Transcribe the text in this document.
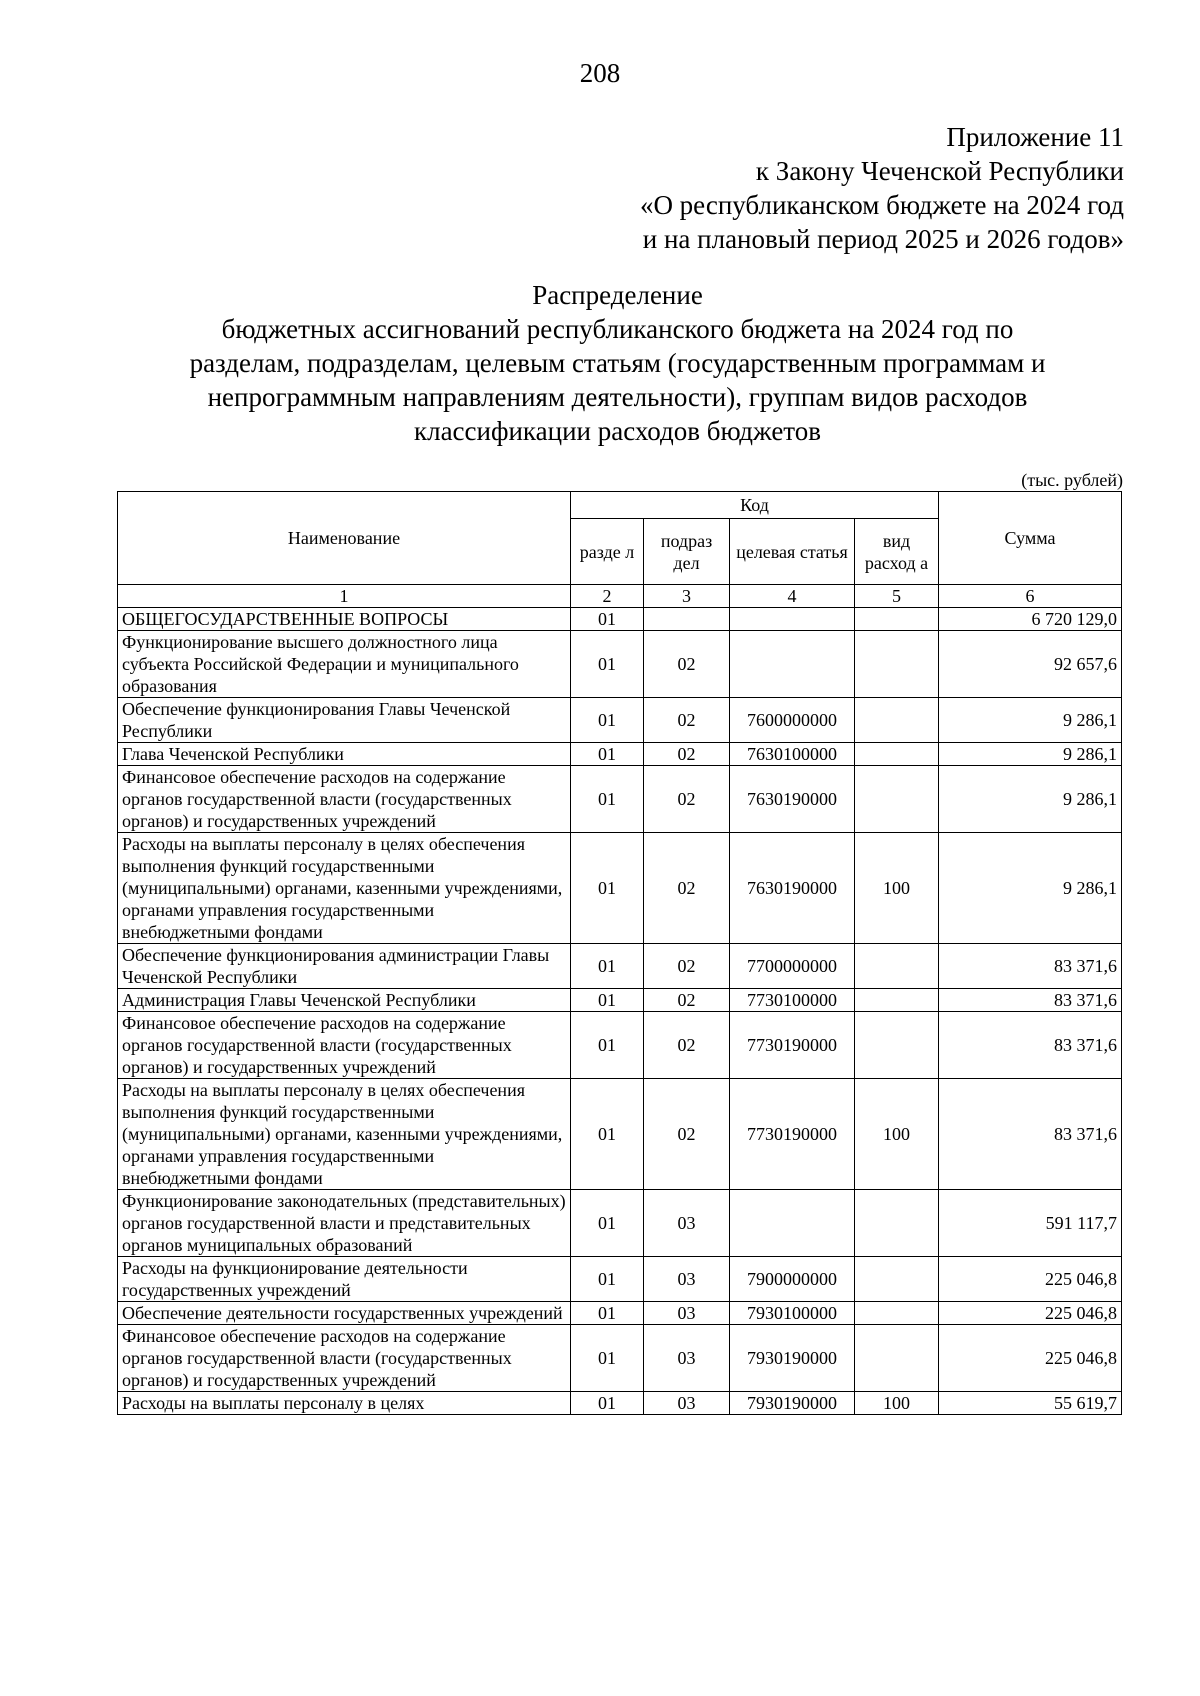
208
Приложение 11
к Закону Чеченской Республики
«О республиканском бюджете на 2024 год
и на плановый период 2025 и 2026 годов»
Распределение
бюджетных ассигнований республиканского бюджета на 2024 год по
разделам, подразделам, целевым статьям (государственным программам и
непрограммным направлениям деятельности), группам видов расходов
классификации расходов бюджетов
(тыс. рублей)
Наименование	Код				Сумма
	разде л	подраз дел	целевая статья	вид расход а	
1	2	3	4	5	6
ОБЩЕГОСУДАРСТВЕННЫЕ ВОПРОСЫ	01				6 720 129,0
Функционирование высшего должностного лица субъекта Российской Федерации и муниципального образования	01	02			92 657,6
Обеспечение функционирования Главы Чеченской Республики	01	02	7600000000		9 286,1
Глава Чеченской Республики	01	02	7630100000		9 286,1
Финансовое обеспечение расходов на содержание органов государственной власти (государственных органов) и государственных учреждений	01	02	7630190000		9 286,1
Расходы на выплаты персоналу в целях обеспечения выполнения функций государственными (муниципальными) органами, казенными учреждениями, органами управления государственными внебюджетными фондами	01	02	7630190000	100	9 286,1
Обеспечение функционирования администрации Главы Чеченской Республики	01	02	7700000000		83 371,6
Администрация Главы Чеченской Республики	01	02	7730100000		83 371,6
Финансовое обеспечение расходов на содержание органов государственной власти (государственных органов) и государственных учреждений	01	02	7730190000		83 371,6
Расходы на выплаты персоналу в целях обеспечения выполнения функций государственными (муниципальными) органами, казенными учреждениями, органами управления государственными внебюджетными фондами	01	02	7730190000	100	83 371,6
Функционирование законодательных (представительных) органов государственной власти и представительных органов муниципальных образований	01	03			591 117,7
Расходы на функционирование деятельности государственных учреждений	01	03	7900000000		225 046,8
Обеспечение деятельности государственных учреждений	01	03	7930100000		225 046,8
Финансовое обеспечение расходов на содержание органов государственной власти (государственных органов) и государственных учреждений	01	03	7930190000		225 046,8
Расходы на выплаты персоналу в целях	01	03	7930190000	100	55 619,7
